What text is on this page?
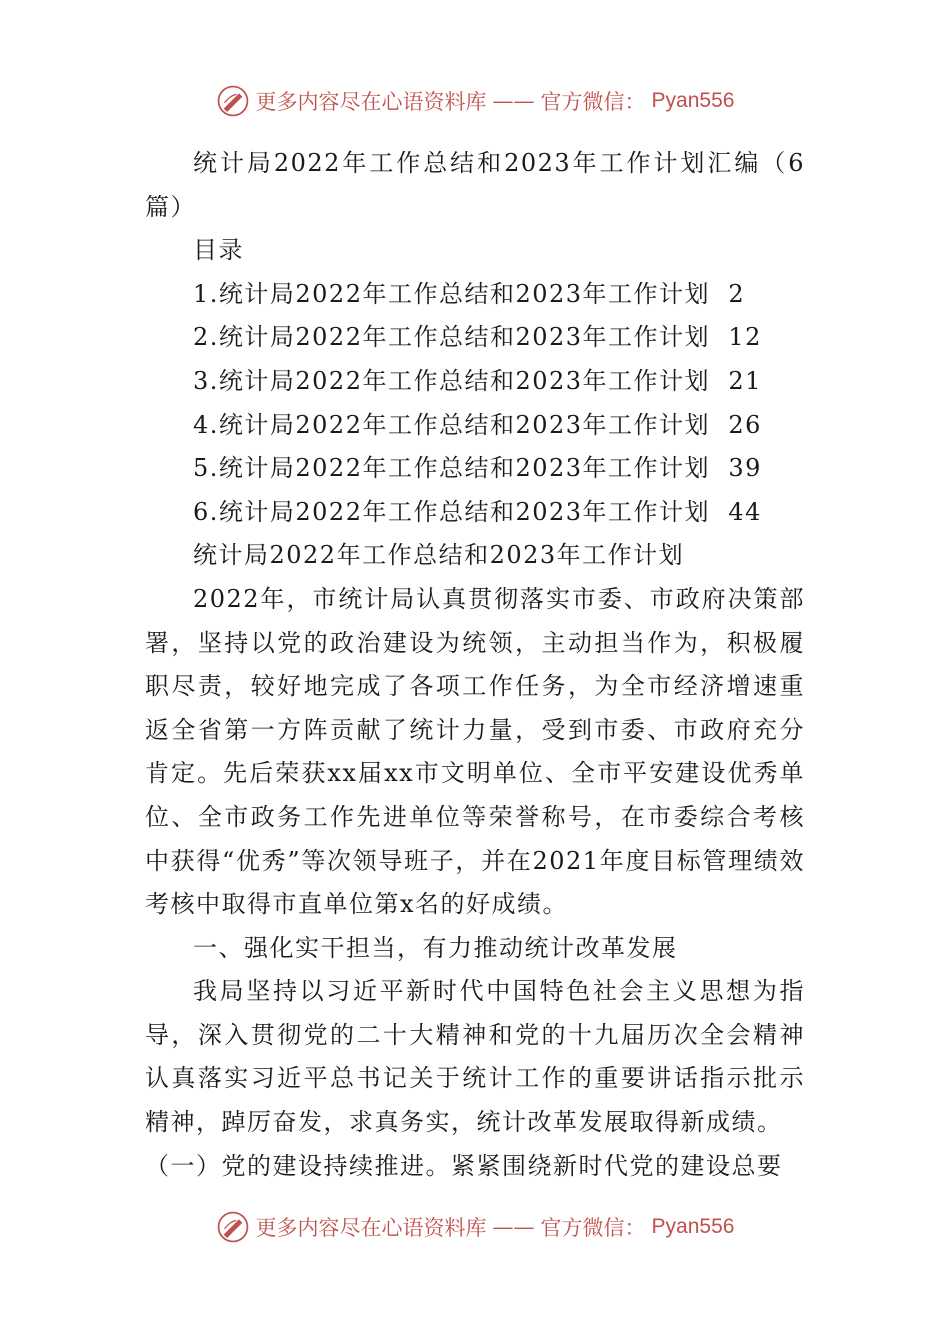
更多内容尽在心语资料库 —— 官方微信： Pyan556

统计局2022年工作总结和2023年工作计划汇编（6篇）

目录

1.统计局2022年工作总结和2023年工作计划 2

2.统计局2022年工作总结和2023年工作计划 12

3.统计局2022年工作总结和2023年工作计划 21

4.统计局2022年工作总结和2023年工作计划 26

5.统计局2022年工作总结和2023年工作计划 39

6.统计局2022年工作总结和2023年工作计划 44

统计局2022年工作总结和2023年工作计划

2022年，市统计局认真贯彻落实市委、市政府决策部署，坚持以党的政治建设为统领，主动担当作为，积极履职尽责，较好地完成了各项工作任务，为全市经济增速重返全省第一方阵贡献了统计力量，受到市委、市政府充分肯定。先后荣获xx届xx市文明单位、全市平安建设优秀单位、全市政务工作先进单位等荣誉称号，在市委综合考核中获得“优秀”等次领导班子，并在2021年度目标管理绩效考核中取得市直单位第x名的好成绩。

一、强化实干担当，有力推动统计改革发展

我局坚持以习近平新时代中国特色社会主义思想为指导，深入贯彻党的二十大精神和党的十九届历次全会精神认真落实习近平总书记关于统计工作的重要讲话指示批示精神，踔厉奋发，求真务实，统计改革发展取得新成绩。

（一）党的建设持续推进。紧紧围绕新时代党的建设总要

更多内容尽在心语资料库 —— 官方微信： Pyan556
